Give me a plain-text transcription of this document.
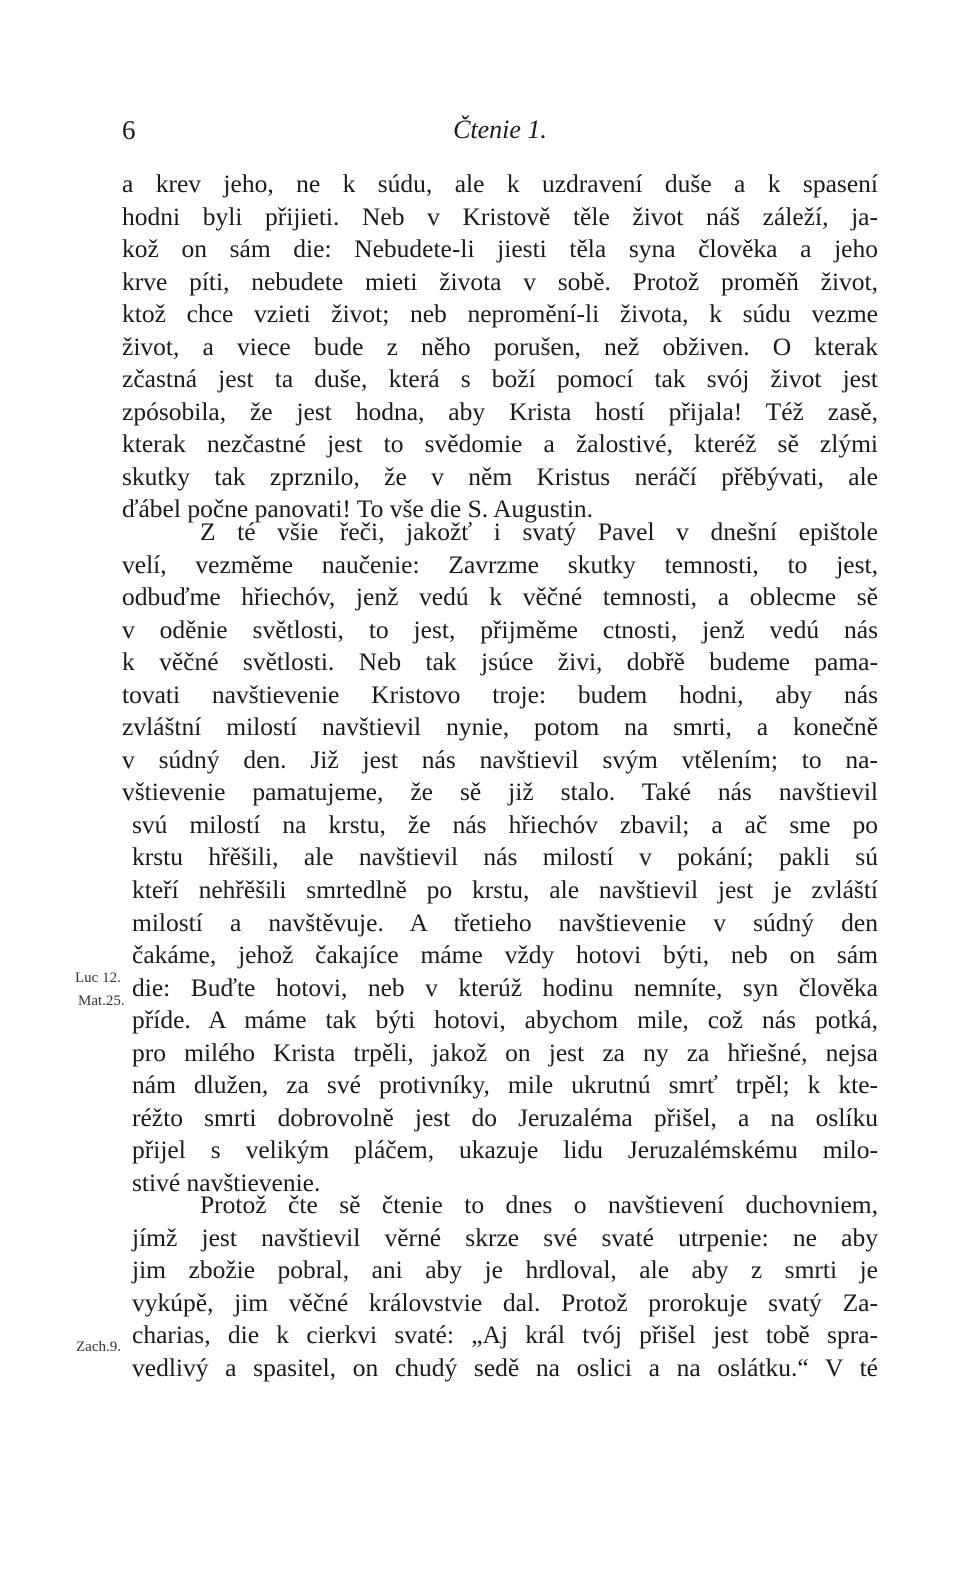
6	Čtenie 1.
a krev jeho, ne k súdu, ale k uzdravení duše a k spasení
hodni byli přijieti. Neb v Kristově těle život náš záleží, ja-
kož on sám die: Nebudete-li jiesti těla syna člověka a jeho
krve píti, nebudete mieti života v sobě. Protož proměň život,
ktož chce vzieti život; neb nepromění-li života, k súdu vezme
život, a viece bude z něho porušen, než obživen. O kterak
zčastná jest ta duše, která s boží pomocí tak svój život jest
zpósobila, že jest hodna, aby Krista hostí přijala! Též zasě,
kterak nezčastné jest to svědomie a žalostivé, kteréž sě zlými
skutky tak zprznilo, že v něm Kristus neráčí přěbývati, ale
ďábel počne panovati! To vše die S. Augustin.
Z té všie řeči, jakožť i svatý Pavel v dnešní epištole
velí, vezměme naučenie: Zavrzme skutky temnosti, to jest,
odbuďme hřiechóv, jenž vedú k věčné temnosti, a oblecme sě
v oděnie světlosti, to jest, přijměme ctnosti, jenž vedú nás
k věčné světlosti. Neb tak jsúce živi, dobřě budeme pama-
tovati navštievenie Kristovo troje: budem hodni, aby nás
zvláštní milostí navštievil nynie, potom na smrti, a konečně
v súdný den. Již jest nás navštievil svým vtělením; to na-
vštievenie pamatujeme, že sě již stalo. Také nás navštievil
svú milostí na krstu, že nás hřiechóv zbavil; a ač sme po
krstu hřěšili, ale navštievil nás milostí v pokání; pakli sú
kteří nehřěšili smrtedlně po krstu, ale navštievil jest je zvláští
milostí a navštěvuje. A třetieho navštievenie v súdný den
čakáme, jehož čakajíce máme vždy hotovi býti, neb on sám
die: Buďte hotovi, neb v kterúž hodinu nemníte, syn člověka
příde. A máme tak býti hotovi, abychom mile, což nás potká,
pro milého Krista trpěli, jakož on jest za ny za hřiešné, nejsa
nám dlužen, za své protivníky, mile ukrutnú smrť trpěl; k kte-
réžto smrti dobrovolně jest do Jeruzaléma přišel, a na oslíku
přijel s velikým pláčem, ukazuje lidu Jeruzalémskému milo-
stivé navštievenie.
Protož čte sě čtenie to dnes o navštievení duchovniem,
jímž jest navštievil věrné skrze své svaté utrpenie: ne aby
jim zbožie pobral, ani aby je hrdloval, ale aby z smrti je
vykúpě, jim věčné královstvie dal. Protož prorokuje svatý Za-
charias, die k cierkvi svaté: „Aj král tvój přišel jest tobě spra-
vedlivý a spasitel, on chudý sedě na oslici a na oslátku.“ V té
Luc 12.
Mat.25.
Zach.9.
